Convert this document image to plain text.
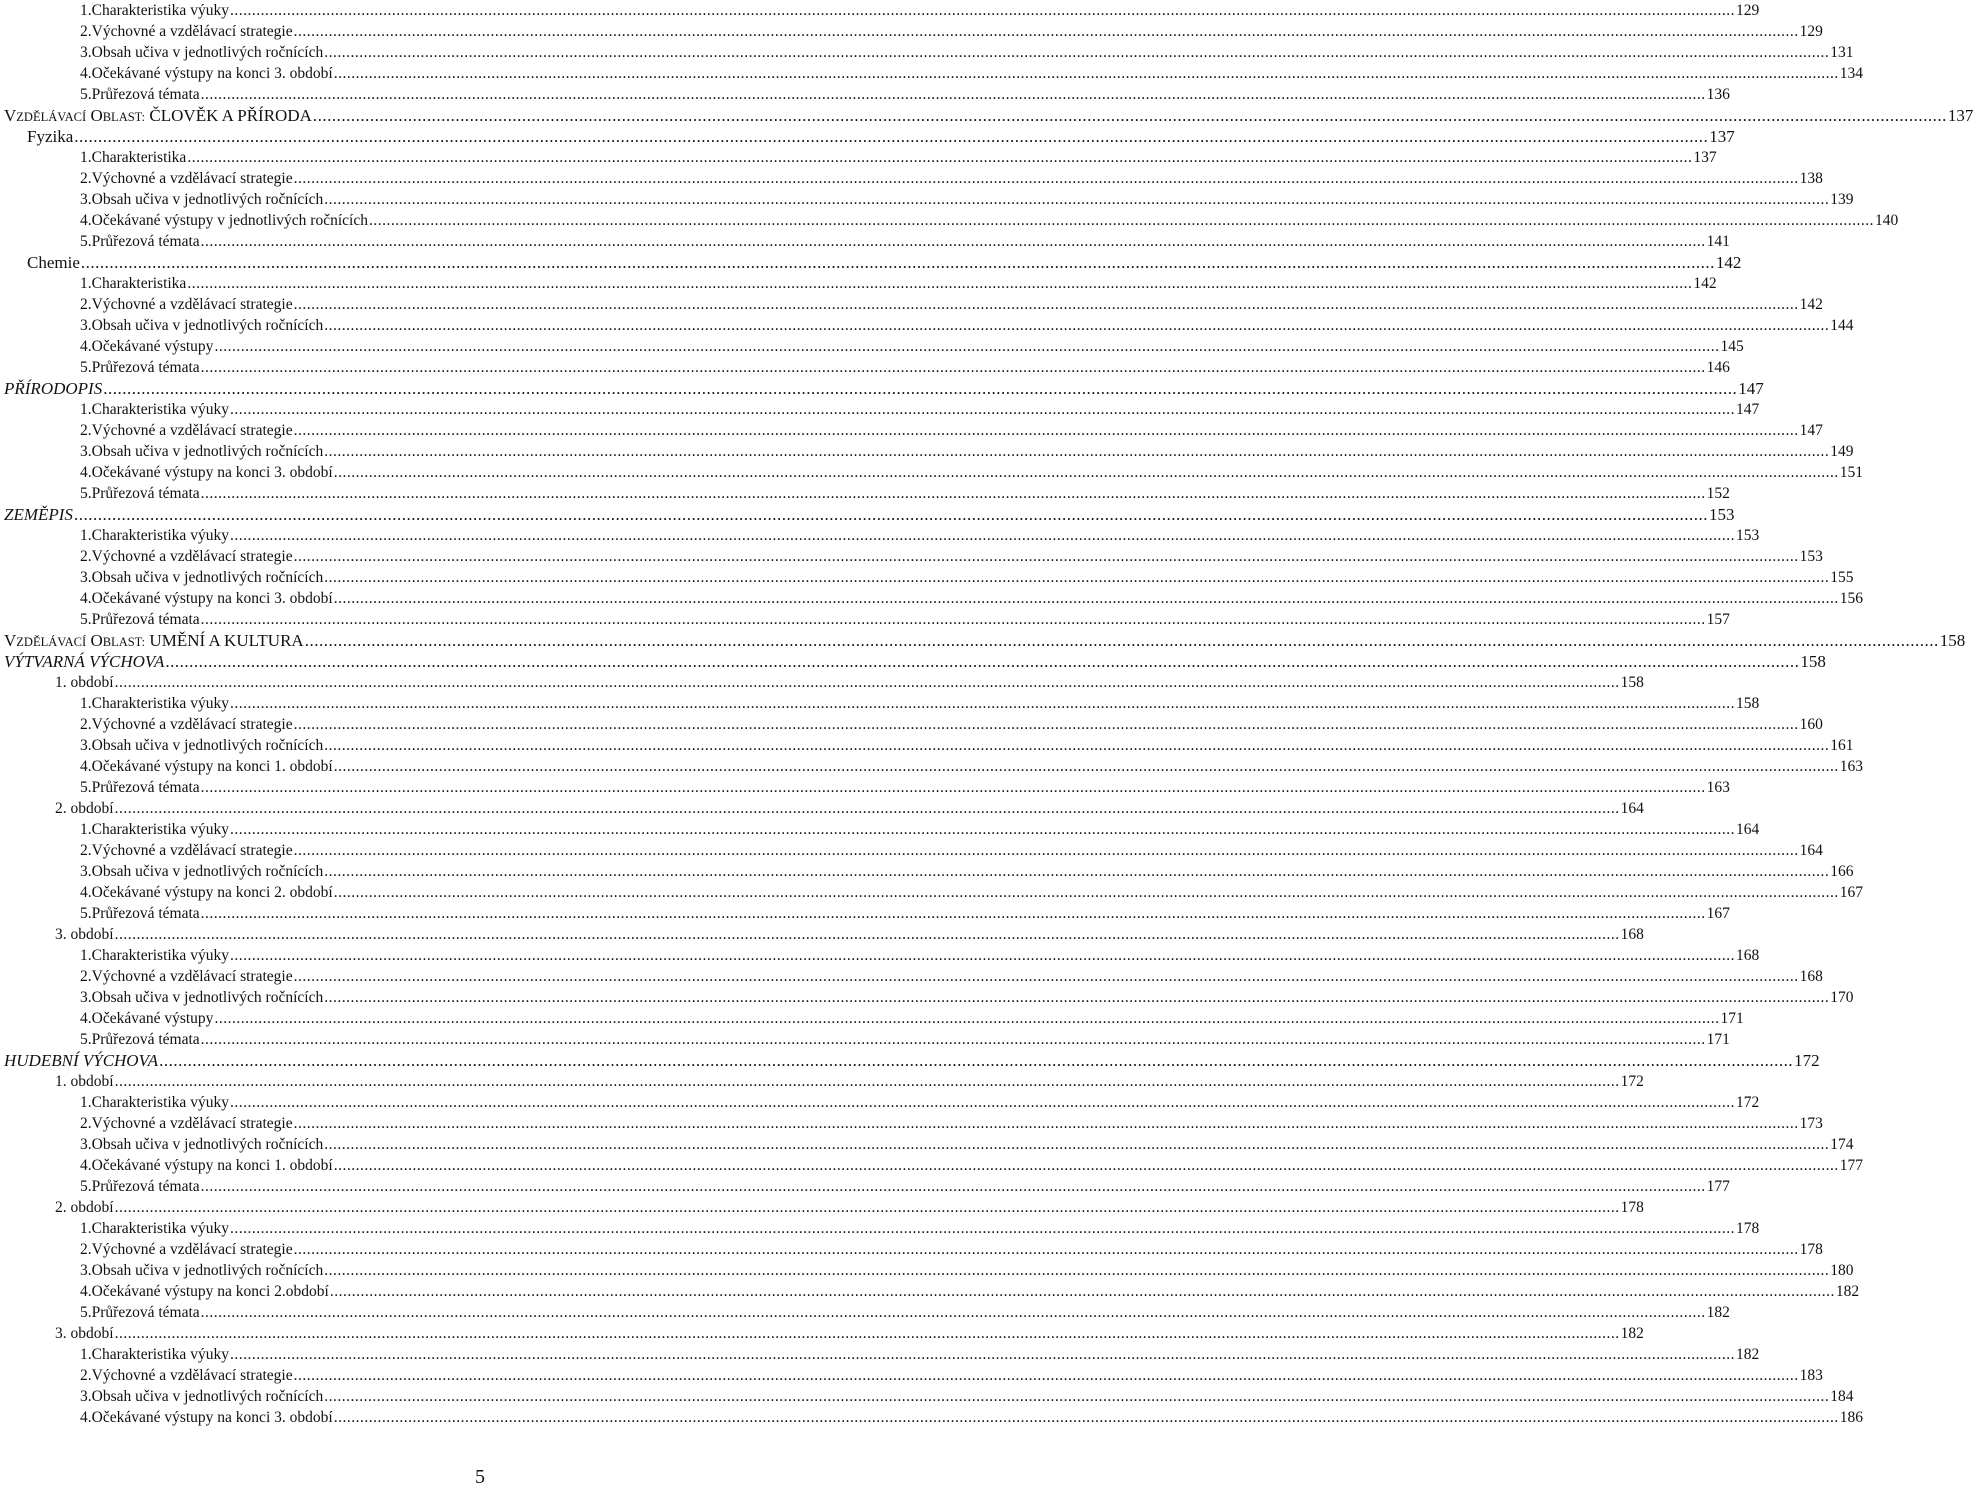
1. Charakteristika výuky .....	129
2. Výchovné a vzdělávací strategie .....	129
3. Obsah učiva v jednotlivých ročnících .....	131
4. Očekávané výstupy na konci 3. období .....	134
5. Průřezová témata .....	136
VZDĚLÁVACÍ OBLAST: ČLOVĚK A PŘÍRODA .....	137
Fyzika .....	137
1. Charakteristika .....	137
2. Výchovné a vzdělávací strategie .....	138
3. Obsah učiva v jednotlivých ročnících .....	139
4. Očekávané výstupy v jednotlivých ročnících .....	140
5. Průřezová témata .....	141
Chemie .....	142
1. Charakteristika .....	142
2. Výchovné a vzdělávací strategie .....	142
3. Obsah učiva v jednotlivých ročnících .....	144
4. Očekávané výstupy .....	145
5. Průřezová témata .....	146
PŘÍRODOPIS .....	147
1. Charakteristika výuky .....	147
2. Výchovné a vzdělávací strategie .....	147
3. Obsah učiva v jednotlivých ročnících .....	149
4. Očekávané výstupy na konci 3. období .....	151
5. Průřezová témata .....	152
ZEMĚPIS .....	153
1. Charakteristika výuky .....	153
2. Výchovné a vzdělávací strategie .....	153
3. Obsah učiva v jednotlivých ročnících .....	155
4. Očekávané výstupy na konci 3. období .....	156
5. Průřezová témata .....	157
VZDĚLÁVACÍ OBLAST: UMĚNÍ A KULTURA .....	158
VÝTVARNÁ VÝCHOVA .....	158
1. období .....	158
1. Charakteristika výuky .....	158
2. Výchovné a vzdělávací strategie .....	160
3. Obsah učiva v jednotlivých ročnících .....	161
4. Očekávané výstupy na konci 1. období .....	163
5. Průřezová témata .....	163
2. období .....	164
1. Charakteristika výuky .....	164
2. Výchovné a vzdělávací strategie .....	164
3. Obsah učiva v jednotlivých ročnících .....	166
4. Očekávané výstupy na konci 2. období .....	167
5. Průřezová témata .....	167
3. období .....	168
1. Charakteristika výuky .....	168
2. Výchovné a vzdělávací strategie .....	168
3. Obsah učiva v jednotlivých ročnících .....	170
4. Očekávané výstupy .....	171
5. Průřezová témata .....	171
HUDEBNÍ VÝCHOVA .....	172
1. období .....	172
1. Charakteristika výuky .....	172
2. Výchovné a vzdělávací strategie .....	173
3. Obsah učiva v jednotlivých ročnících .....	174
4. Očekávané výstupy na konci 1. období .....	177
5. Průřezová témata .....	177
2. období .....	178
1. Charakteristika výuky .....	178
2. Výchovné a vzdělávací strategie .....	178
3. Obsah učiva v jednotlivých ročnících .....	180
4. Očekávané výstupy na konci 2.období .....	182
5. Průřezová témata .....	182
3. období .....	182
1. Charakteristika výuky .....	182
2. Výchovné a vzdělávací strategie .....	183
3. Obsah učiva v jednotlivých ročnících .....	184
4. Očekávané výstupy na konci 3. období .....	186
5
